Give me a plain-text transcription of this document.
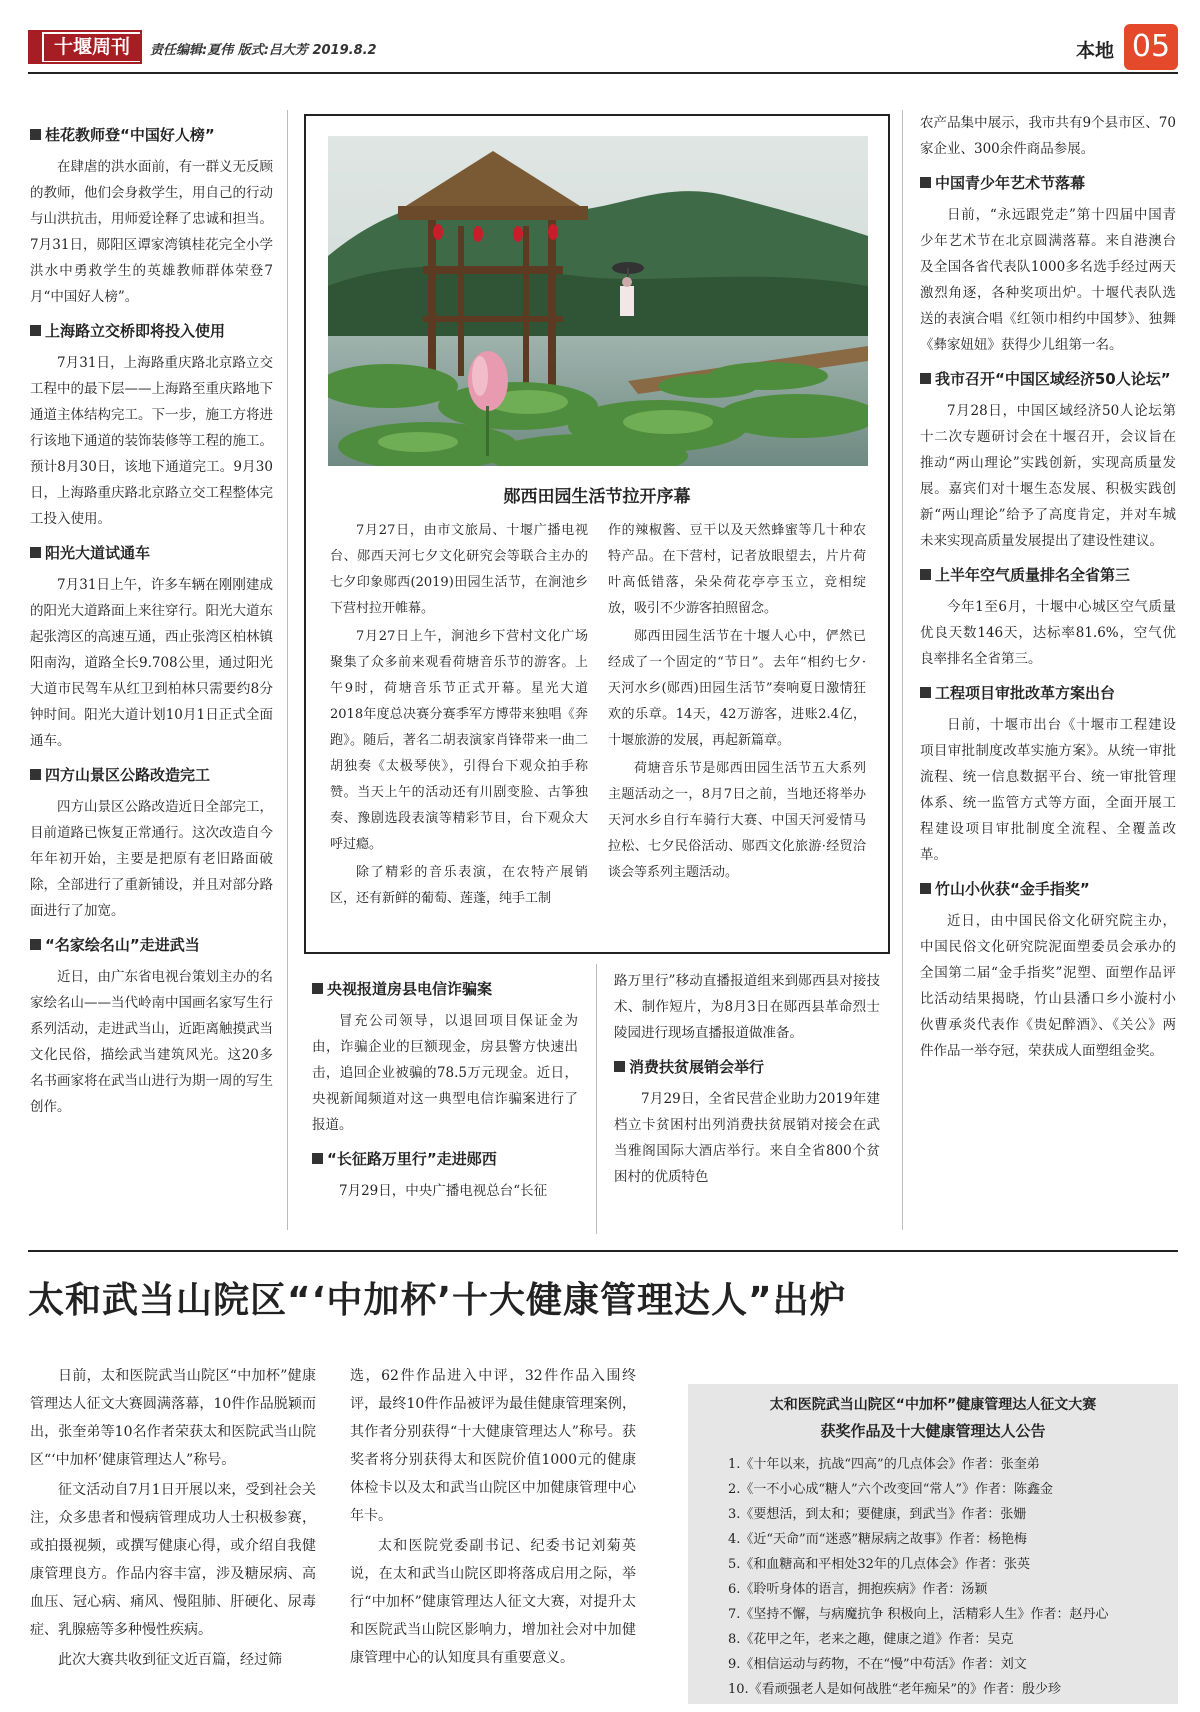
十堰周刊	责任编辑:夏伟 版式:吕大芳 2019.8.2	本地 05
桂花教师登“中国好人榜”

在肆虐的洪水面前，有一群义无反顾的教师，他们会身救学生，用自己的行动与山洪抗击，用师爱诠释了忠诚和担当。7月31日，郧阳区谭家湾镇桂花完全小学洪水中勇救学生的英雄教师群体荣登7月“中国好人榜”。

上海路立交桥即将投入使用

7月31日，上海路重庆路北京路立交工程中的最下层——上海路至重庆路地下通道主体结构完工。下一步，施工方将进行该地下通道的装饰装修等工程的施工。预计8月30日，该地下通道完工。9月30日，上海路重庆路北京路立交工程整体完工投入使用。

阳光大道试通车

7月31日上午，许多车辆在刚刚建成的阳光大道路面上来往穿行。阳光大道东起张湾区的高速互通，西止张湾区柏林镇阳南沟，道路全长9.708公里，通过阳光大道市民驾车从红卫到柏林只需要约8分钟时间。阳光大道计划10月1日正式全面通车。

四方山景区公路改造完工

四方山景区公路改造近日全部完工，目前道路已恢复正常通行。这次改造自今年年初开始，主要是把原有老旧路面破除，全部进行了重新铺设，并且对部分路面进行了加宽。

“名家绘名山”走进武当

近日，由广东省电视台策划主办的名家绘名山——当代岭南中国画名家写生行系列活动，走进武当山，近距离触摸武当文化民俗，描绘武当建筑风光。这20多名书画家将在武当山进行为期一周的写生创作。

郧西田园生活节拉开序幕

7月27日，由市文旅局、十堰广播电视台、郧西天河七夕文化研究会等联合主办的七夕印象郧西(2019)田园生活节，在涧池乡下营村拉开帷幕。

7月27日上午，涧池乡下营村文化广场聚集了众多前来观看荷塘音乐节的游客。上午9时，荷塘音乐节正式开幕。星光大道2018年度总决赛分赛季军方博带来独唱《奔跑》。随后，著名二胡表演家肖锋带来一曲二胡独奏《太极琴侠》，引得台下观众拍手称赞。当天上午的活动还有川剧变脸、古筝独奏、豫剧选段表演等精彩节目，台下观众大呼过瘾。

除了精彩的音乐表演，在农特产展销区，还有新鲜的葡萄、莲蓬，纯手工制

作的辣椒酱、豆干以及天然蜂蜜等几十种农特产品。在下营村，记者放眼望去，片片荷叶高低错落，朵朵荷花亭亭玉立，竞相绽放，吸引不少游客拍照留念。

郧西田园生活节在十堰人心中，俨然已经成了一个固定的“节日”。去年“相约七夕·天河水乡(郧西)田园生活节”奏响夏日激情狂欢的乐章。14天，42万游客，进账2.4亿，十堰旅游的发展，再起新篇章。

荷塘音乐节是郧西田园生活节五大系列主题活动之一，8月7日之前，当地还将举办天河水乡自行车骑行大赛、中国天河爱情马拉松、七夕民俗活动、郧西文化旅游·经贸洽谈会等系列主题活动。

央视报道房县电信诈骗案

冒充公司领导，以退回项目保证金为由，诈骗企业的巨额现金，房县警方快速出击，追回企业被骗的78.5万元现金。近日，央视新闻频道对这一典型电信诈骗案进行了报道。

“长征路万里行”走进郧西

7月29日，中央广播电视总台“长征

路万里行”移动直播报道组来到郧西县对接技术、制作短片，为8月3日在郧西县革命烈士陵园进行现场直播报道做准备。

消费扶贫展销会举行

7月29日，全省民营企业助力2019年建档立卡贫困村出列消费扶贫展销对接会在武当雅阁国际大酒店举行。来自全省800个贫困村的优质特色

农产品集中展示，我市共有9个县市区、70家企业、300余件商品参展。

中国青少年艺术节落幕

日前，“永远跟党走”第十四届中国青少年艺术节在北京圆满落幕。来自港澳台及全国各省代表队1000多名选手经过两天激烈角逐，各种奖项出炉。十堰代表队选送的表演合唱《红领巾相约中国梦》、独舞《彝家妞妞》获得少儿组第一名。

我市召开“中国区域经济50人论坛”

7月28日，中国区域经济50人论坛第十二次专题研讨会在十堰召开，会议旨在推动“两山理论”实践创新，实现高质量发展。嘉宾们对十堰生态发展、积极实践创新“两山理论”给予了高度肯定，并对车城未来实现高质量发展提出了建设性建议。

上半年空气质量排名全省第三

今年1至6月，十堰中心城区空气质量优良天数146天，达标率81.6%，空气优良率排名全省第三。

工程项目审批改革方案出台

日前，十堰市出台《十堰市工程建设项目审批制度改革实施方案》。从统一审批流程、统一信息数据平台、统一审批管理体系、统一监管方式等方面，全面开展工程建设项目审批制度全流程、全覆盖改革。

竹山小伙获“金手指奖”

近日，由中国民俗文化研究院主办，中国民俗文化研究院泥面塑委员会承办的全国第二届“金手指奖”泥塑、面塑作品评比活动结果揭晓，竹山县潘口乡小漩村小伙曹承炎代表作《贵妃醉酒》、《关公》两件作品一举夺冠，荣获成人面塑组金奖。

太和武当山院区“‘中加杯’十大健康管理达人”出炉

日前，太和医院武当山院区“中加杯”健康管理达人征文大赛圆满落幕，10件作品脱颖而出，张奎弟等10名作者荣获太和医院武当山院区“‘中加杯’健康管理达人”称号。

征文活动自7月1日开展以来，受到社会关注，众多患者和慢病管理成功人士积极参赛，或拍摄视频，或撰写健康心得，或介绍自我健康管理良方。作品内容丰富，涉及糖尿病、高血压、冠心病、痛风、慢阻肺、肝硬化、尿毒症、乳腺癌等多种慢性疾病。

此次大赛共收到征文近百篇，经过筛

选，62件作品进入中评，32件作品入围终评，最终10件作品被评为最佳健康管理案例，其作者分别获得“十大健康管理达人”称号。获奖者将分别获得太和医院价值1000元的健康体检卡以及太和武当山院区中加健康管理中心年卡。

太和医院党委副书记、纪委书记刘菊英说，在太和武当山院区即将落成启用之际，举行“中加杯”健康管理达人征文大赛，对提升太和医院武当山院区影响力，增加社会对中加健康管理中心的认知度具有重要意义。

太和医院武当山院区“中加杯”健康管理达人征文大赛
获奖作品及十大健康管理达人公告
1.《十年以来，抗战“四高”的几点体会》作者：张奎弟
2.《一不小心成“糖人”六个改变回“常人”》作者：陈鑫金
3.《要想活，到太和；要健康，到武当》作者：张姗
4.《近“天命”而“迷惑”糖尿病之故事》作者：杨艳梅
5.《和血糖高和平相处32年的几点体会》作者：张英
6.《聆听身体的语言，拥抱疾病》作者：汤颖
7.《坚持不懈，与病魔抗争 积极向上，活精彩人生》作者：赵丹心
8.《花甲之年，老来之趣，健康之道》作者：吴克
9.《相信运动与药物，不在“慢”中苟活》作者：刘文
10.《看顽强老人是如何战胜“老年痴呆”的》作者：殷少珍
